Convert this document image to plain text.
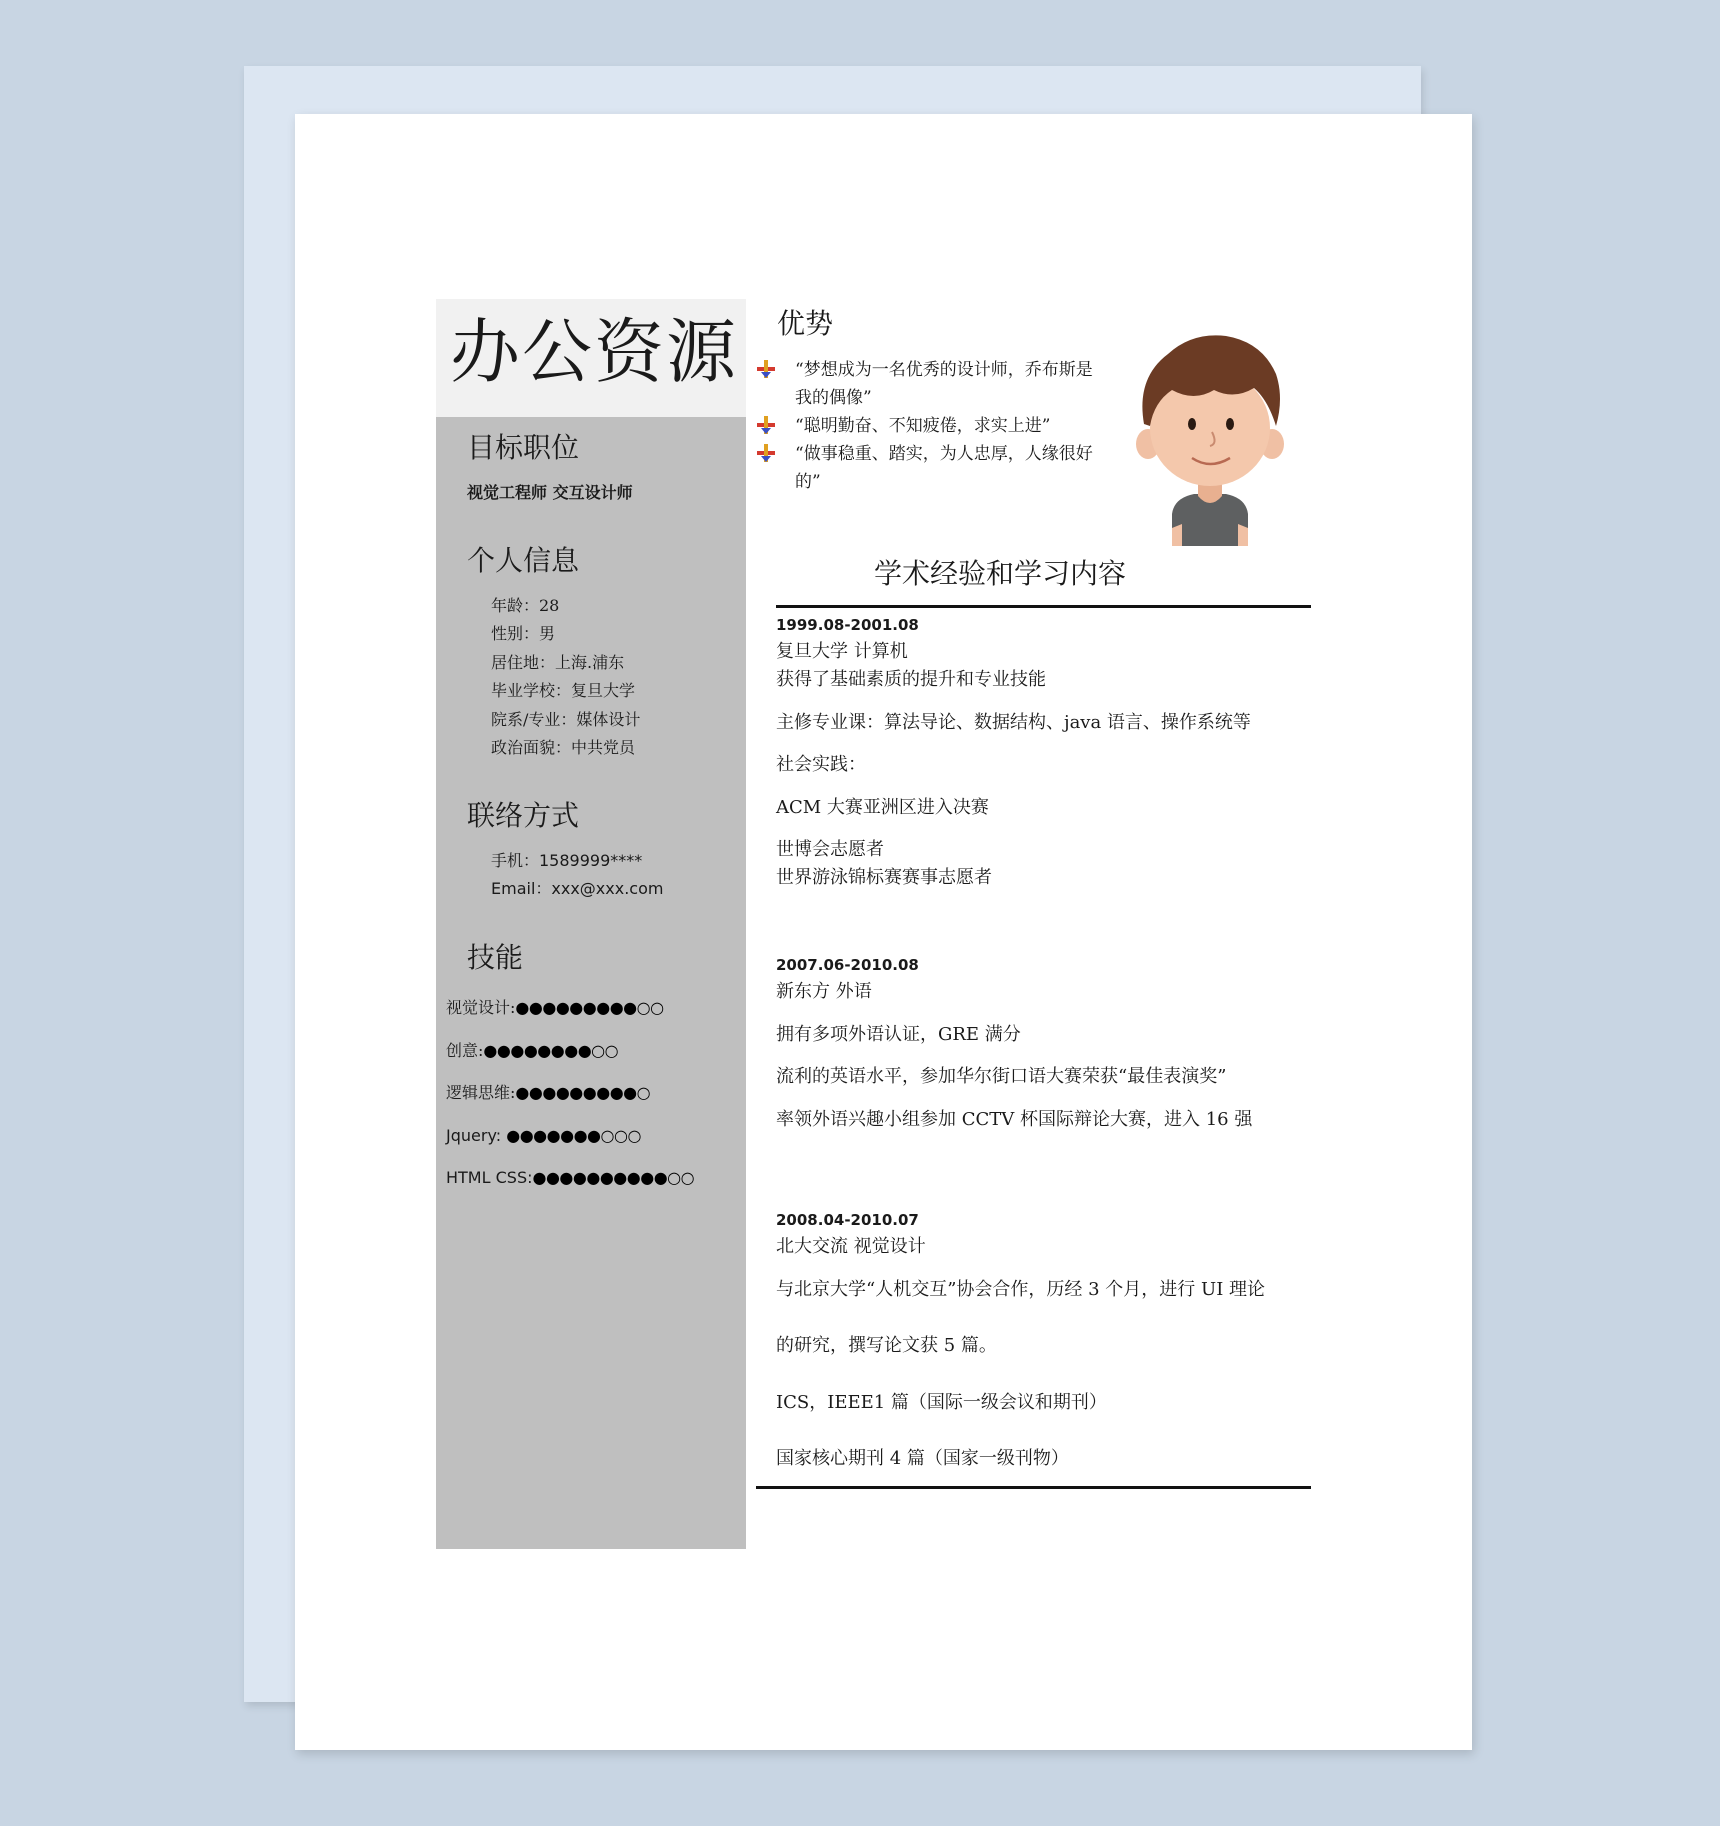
办公资源
目标职位
视觉工程师 交互设计师
个人信息
年龄：28
性别：男
居住地：上海.浦东
毕业学校：复旦大学
院系/专业：媒体设计
政治面貌：中共党员
联络方式
手机：1589999****
Email：xxx@xxx.com
技能
视觉设计:●●●●●●●●●○○
创意:●●●●●●●●○○
逻辑思维:●●●●●●●●●○
Jquery: ●●●●●●●○○○
HTML CSS:●●●●●●●●●●○○
优势
“梦想成为一名优秀的设计师，乔布斯是我的偶像”
“聪明勤奋、不知疲倦，求实上进”
“做事稳重、踏实，为人忠厚，人缘很好的”
学术经验和学习内容
1999.08-2001.08
复旦大学 计算机
获得了基础素质的提升和专业技能
主修专业课：算法导论、数据结构、java 语言、操作系统等
社会实践：
ACM 大赛亚洲区进入决赛
世博会志愿者
世界游泳锦标赛赛事志愿者
2007.06-2010.08
新东方 外语
拥有多项外语认证，GRE 满分
流利的英语水平，参加华尔街口语大赛荣获“最佳表演奖”
率领外语兴趣小组参加 CCTV 杯国际辩论大赛，进入 16 强
2008.04-2010.07
北大交流 视觉设计
与北京大学“人机交互”协会合作，历经 3 个月，进行 UI 理论
的研究，撰写论文获 5 篇。
ICS，IEEE1 篇（国际一级会议和期刊）
国家核心期刊 4 篇（国家一级刊物）
